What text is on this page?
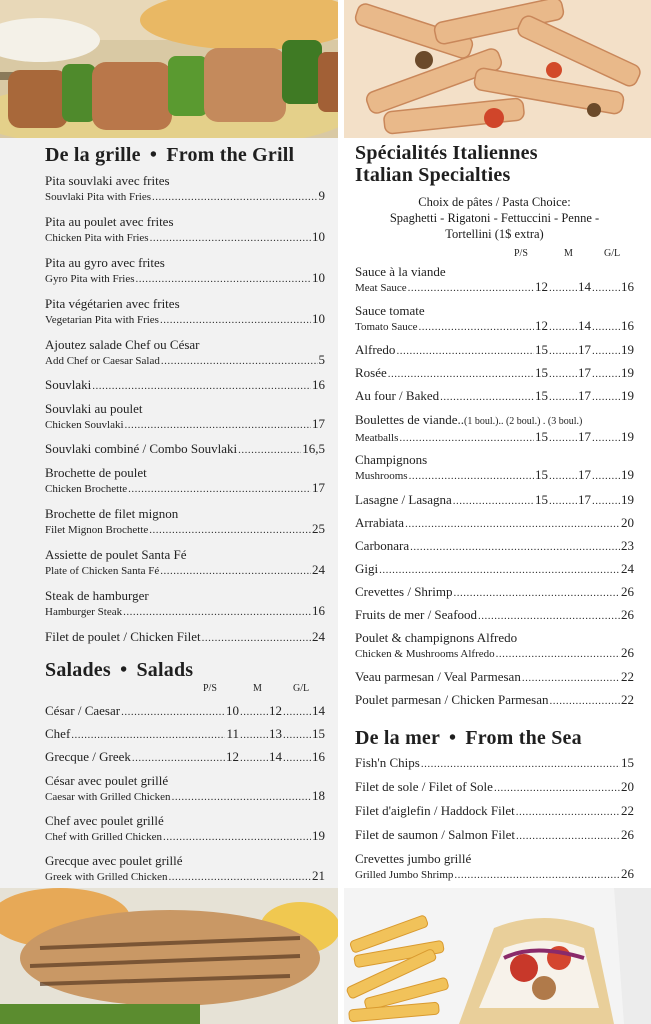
De la grille • From the Grill
Pita souvlaki avec frites
Souvlaki Pita with Fries .....	9
Pita au poulet avec frites
Chicken Pita with Fries .....	10
Pita au gyro avec frites
Gyro Pita with Fries .....	10
Pita végétarien avec frites
Vegetarian Pita with Fries .....	10
Ajoutez salade Chef ou César
Add Chef or Caesar Salad .....	5
Souvlaki .....	16
Souvlaki au poulet
Chicken Souvlaki .....	17
Souvlaki combiné / Combo Souvlaki .....	16,5
Brochette de poulet
Chicken Brochette .....	17
Brochette de filet mignon
Filet Mignon Brochette .....	25
Assiette de poulet Santa Fé
Plate of Chicken Santa Fé .....	24
Steak de hamburger
Hamburger Steak .....	16
Filet de poulet / Chicken Filet .....	24
Salades • Salads
P/S	M	G/L
César / Caesar .....	10 ..... 12 ..... 14
Chef .....	11 ..... 13 ..... 15
Grecque / Greek .....	12 ..... 14 ..... 16
César avec poulet grillé
Caesar with Grilled Chicken .....	18
Chef avec poulet grillé
Chef with Grilled Chicken .....	19
Grecque avec poulet grillé
Greek with Grilled Chicken .....	21
Spécialités Italiennes
Italian Specialties
Choix de pâtes / Pasta Choice:
Spaghetti - Rigatoni - Fettuccini - Penne -
Tortellini (1$ extra)
P/S	M	G/L
Sauce à la viande
Meat Sauce .....	12 ..... 14 ..... 16
Sauce tomate
Tomato Sauce .....	12 ..... 14 ..... 16
Alfredo .....	15 ..... 17 ..... 19
Rosée .....	15 ..... 17 ..... 19
Au four / Baked .....	15 ..... 17 ..... 19
Boulettes de viande..(1 boul.).. (2 boul.) . (3 boul.)
Meatballs .....	15 ..... 17 ..... 19
Champignons
Mushrooms .....	15 ..... 17 ..... 19
Lasagne / Lasagna .....	15 ..... 17 ..... 19
Arrabiata .....	20
Carbonara .....	23
Gigi .....	24
Crevettes / Shrimp .....	26
Fruits de mer / Seafood .....	26
Poulet & champignons Alfredo
Chicken & Mushrooms Alfredo .....	26
Veau parmesan / Veal Parmesan .....	22
Poulet parmesan / Chicken Parmesan .....	22
De la mer • From the Sea
Fish'n Chips .....	15
Filet de sole / Filet of Sole .....	20
Filet d'aiglefin / Haddock Filet .....	22
Filet de saumon / Salmon Filet .....	26
Crevettes jumbo grillé
Grilled Jumbo Shrimp .....	26
